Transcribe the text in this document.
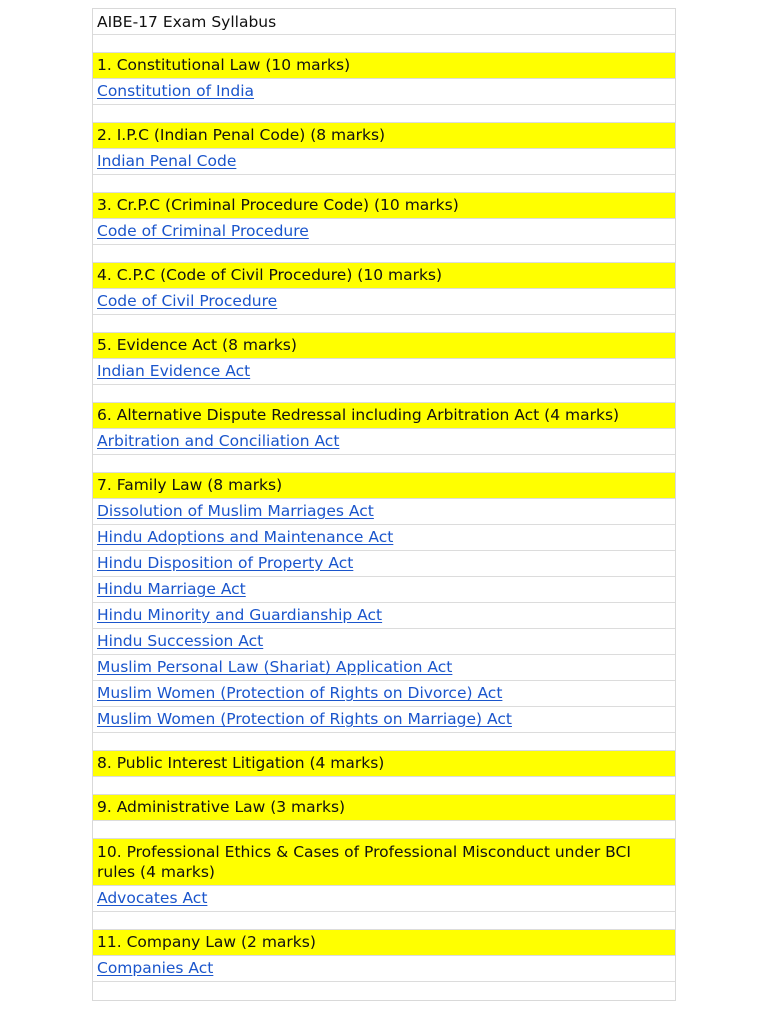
AIBE-17 Exam Syllabus
1. Constitutional Law (10 marks)
Constitution of India
2. I.P.C (Indian Penal Code) (8 marks)
Indian Penal Code
3. Cr.P.C (Criminal Procedure Code) (10 marks)
Code of Criminal Procedure
4. C.P.C (Code of Civil Procedure) (10 marks)
Code of Civil Procedure
5. Evidence Act (8 marks)
Indian Evidence Act
6. Alternative Dispute Redressal including Arbitration Act (4 marks)
Arbitration and Conciliation Act
7. Family Law (8 marks)
Dissolution of Muslim Marriages Act
Hindu Adoptions and Maintenance Act
Hindu Disposition of Property Act
Hindu Marriage Act
Hindu Minority and Guardianship Act
Hindu Succession Act
Muslim Personal Law (Shariat) Application Act
Muslim Women (Protection of Rights on Divorce) Act
Muslim Women (Protection of Rights on Marriage) Act
8. Public Interest Litigation (4 marks)
9. Administrative Law (3 marks)
10. Professional Ethics & Cases of Professional Misconduct under BCI rules (4 marks)
Advocates Act
11. Company Law (2 marks)
Companies Act
